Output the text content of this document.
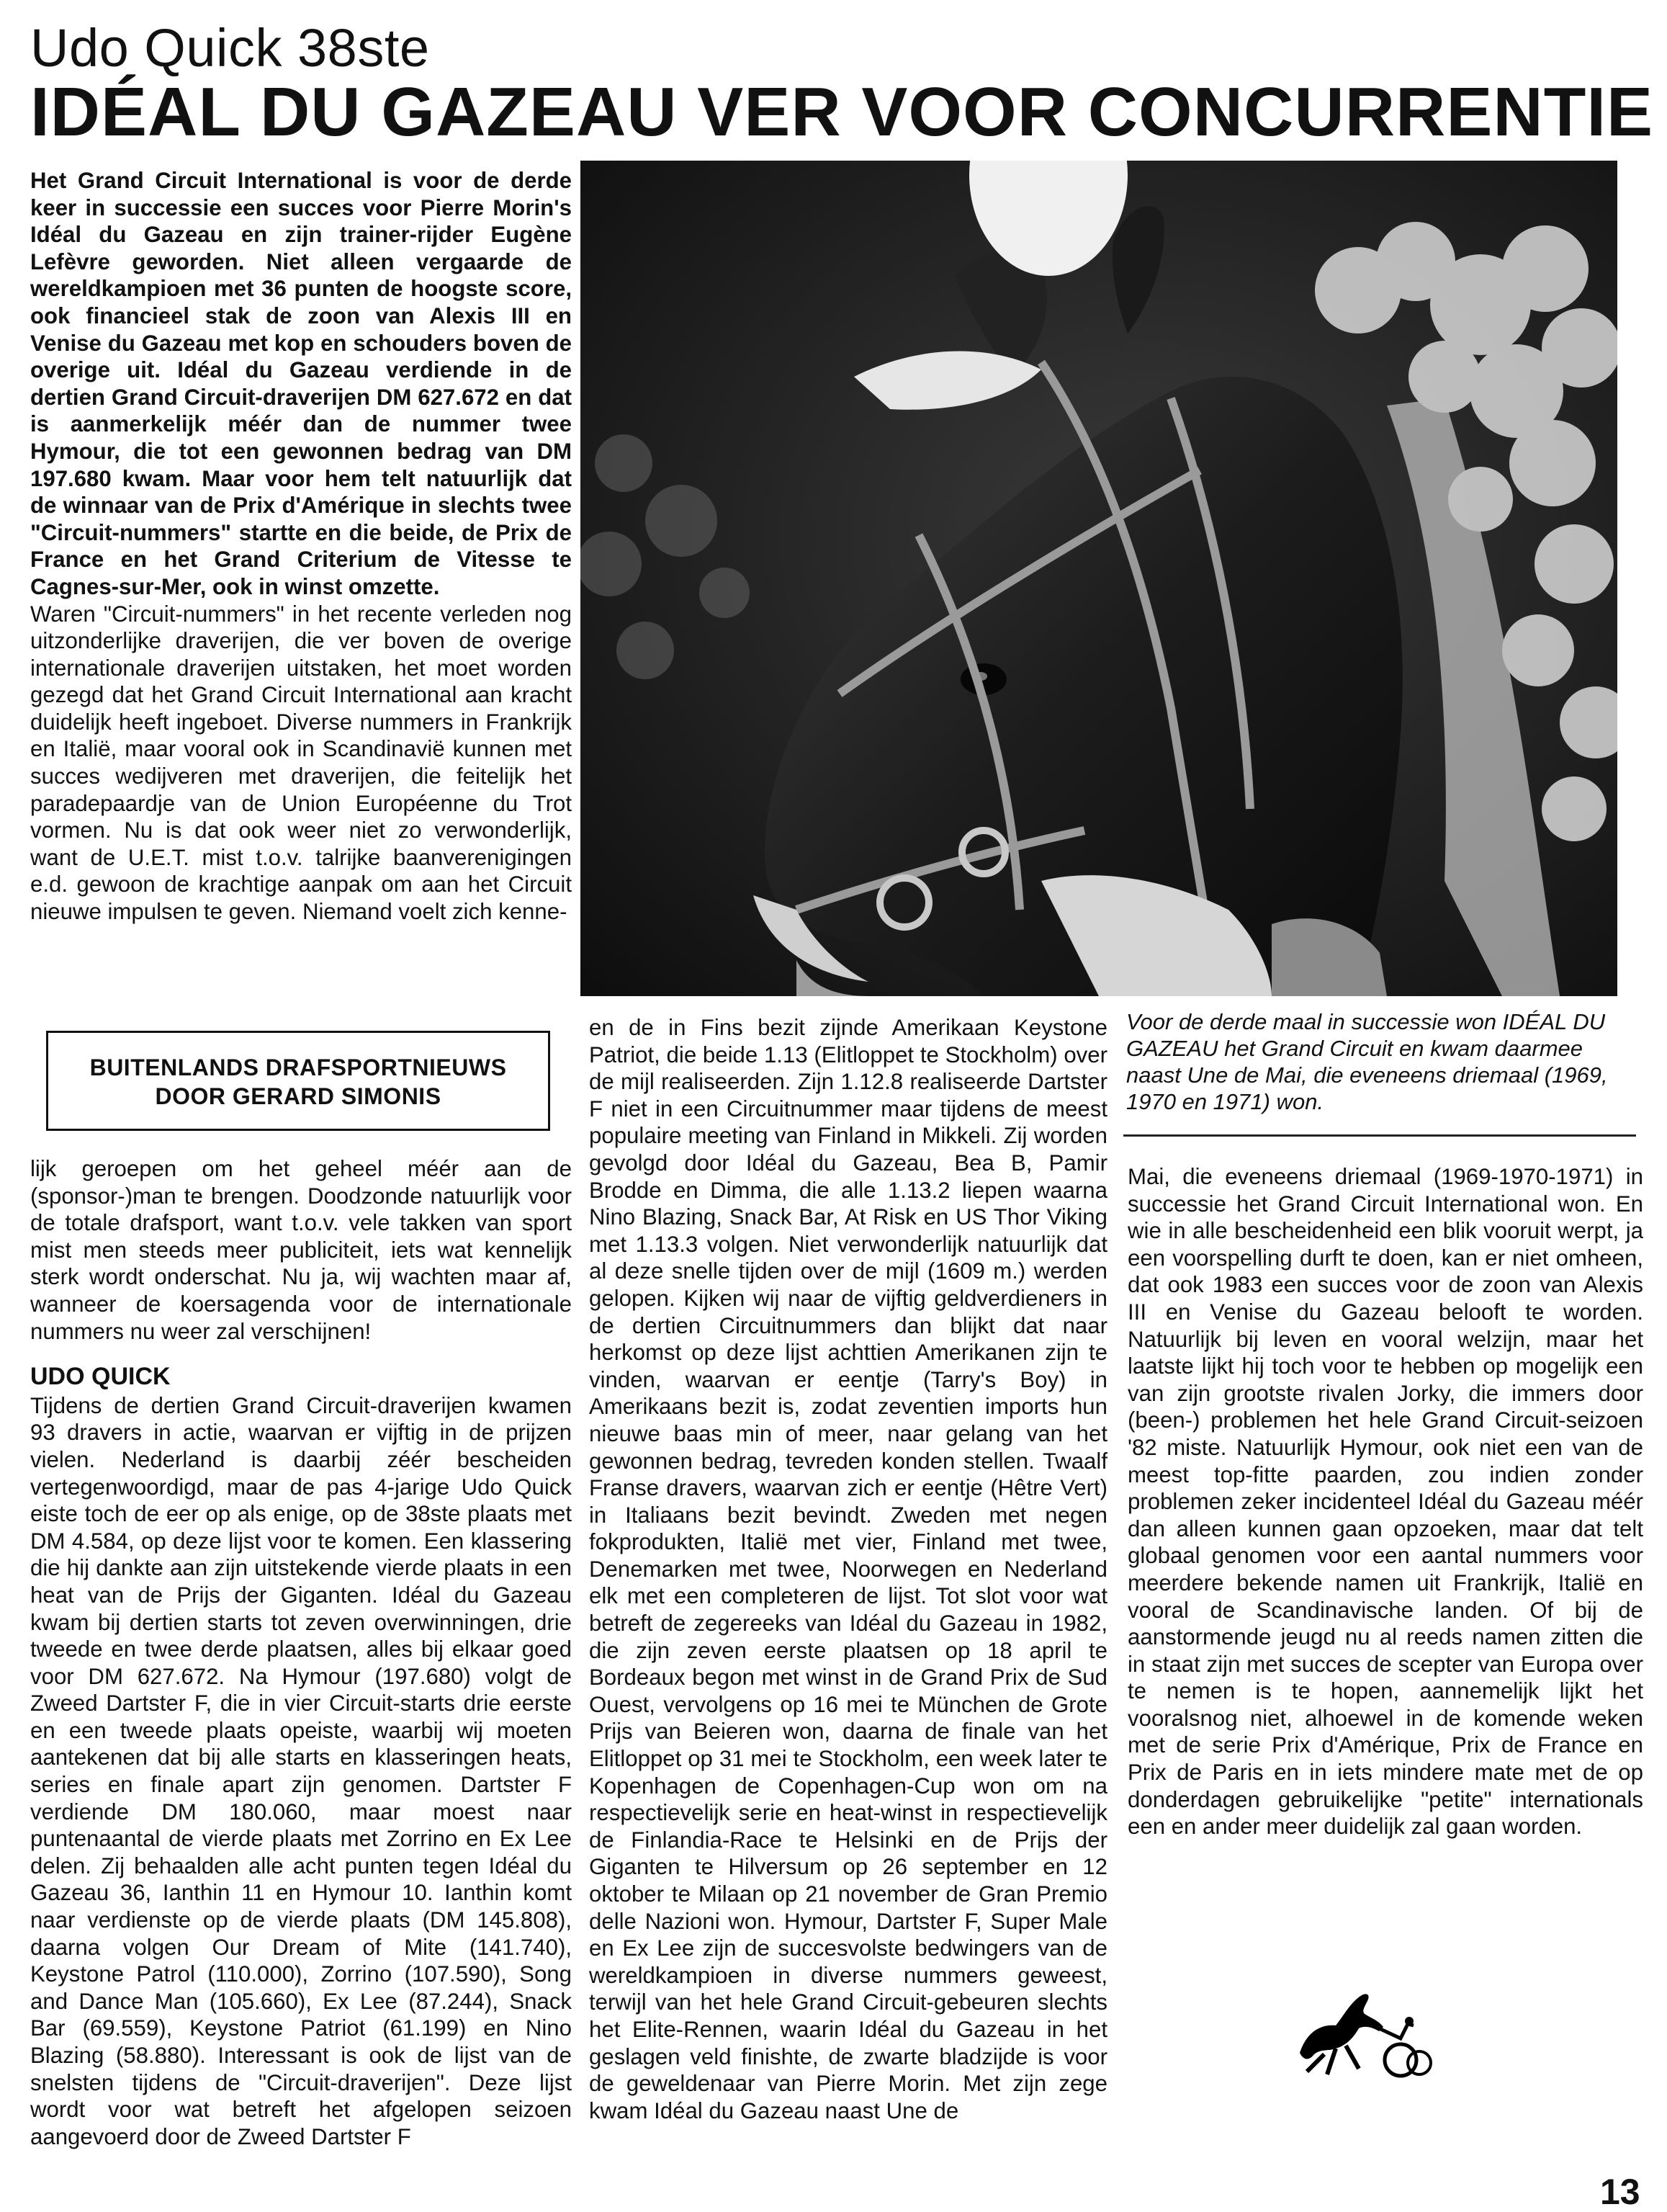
Udo Quick 38ste
IDÉAL DU GAZEAU VER VOOR CONCURRENTIE

Het Grand Circuit International is voor de derde keer in successie een succes voor Pierre Morin's Idéal du Gazeau en zijn trainer-rijder Eugène Lefèvre geworden. Niet alleen vergaarde de wereldkampioen met 36 punten de hoogste score, ook financieel stak de zoon van Alexis III en Venise du Gazeau met kop en schouders boven de overige uit. Idéal du Gazeau verdiende in de dertien Grand Circuit-draverijen DM 627.672 en dat is aanmerkelijk méér dan de nummer twee Hymour, die tot een gewonnen bedrag van DM 197.680 kwam. Maar voor hem telt natuurlijk dat de winnaar van de Prix d'Amérique in slechts twee "Circuit-nummers" startte en die beide, de Prix de France en het Grand Criterium de Vitesse te Cagnes-sur-Mer, ook in winst omzette.

Waren "Circuit-nummers" in het recente verleden nog uitzonderlijke draverijen, die ver boven de overige internationale draverijen uitstaken, het moet worden gezegd dat het Grand Circuit International aan kracht duidelijk heeft ingeboet. Diverse nummers in Frankrijk en Italië, maar vooral ook in Scandinavië kunnen met succes wedijveren met draverijen, die feitelijk het paradepaardje van de Union Européenne du Trot vormen. Nu is dat ook weer niet zo verwonderlijk, want de U.E.T. mist t.o.v. talrijke baanverenigingen e.d. gewoon de krachtige aanpak om aan het Circuit nieuwe impulsen te geven. Niemand voelt zich kenne-

Voor de derde maal in successie won IDÉAL DU GAZEAU het Grand Circuit en kwam daarmee naast Une de Mai, die eveneens driemaal (1969, 1970 en 1971) won.
BUITENLANDS DRAFSPORTNIEUWS
DOOR GERARD SIMONIS

lijk geroepen om het geheel méér aan de (sponsor-)man te brengen. Doodzonde natuurlijk voor de totale drafsport, want t.o.v. vele takken van sport mist men steeds meer publiciteit, iets wat kennelijk sterk wordt onderschat. Nu ja, wij wachten maar af, wanneer de koersagenda voor de internationale nummers nu weer zal verschijnen!

UDO QUICK

Tijdens de dertien Grand Circuit-draverijen kwamen 93 dravers in actie, waarvan er vijftig in de prijzen vielen. Nederland is daarbij zéér bescheiden vertegenwoordigd, maar de pas 4-jarige Udo Quick eiste toch de eer op als enige, op de 38ste plaats met DM 4.584, op deze lijst voor te komen. Een klassering die hij dankte aan zijn uitstekende vierde plaats in een heat van de Prijs der Giganten. Idéal du Gazeau kwam bij dertien starts tot zeven overwinningen, drie tweede en twee derde plaatsen, alles bij elkaar goed voor DM 627.672. Na Hymour (197.680) volgt de Zweed Dartster F, die in vier Circuit-starts drie eerste en een tweede plaats opeiste, waarbij wij moeten aantekenen dat bij alle starts en klasseringen heats, series en finale apart zijn genomen. Dartster F verdiende DM 180.060, maar moest naar puntenaantal de vierde plaats met Zorrino en Ex Lee delen. Zij behaalden alle acht punten tegen Idéal du Gazeau 36, Ianthin 11 en Hymour 10. Ianthin komt naar verdienste op de vierde plaats (DM 145.808), daarna volgen Our Dream of Mite (141.740), Keystone Patrol (110.000), Zorrino (107.590), Song and Dance Man (105.660), Ex Lee (87.244), Snack Bar (69.559), Keystone Patriot (61.199) en Nino Blazing (58.880). Interessant is ook de lijst van de snelsten tijdens de "Circuit-draverijen". Deze lijst wordt voor wat betreft het afgelopen seizoen aangevoerd door de Zweed Dartster F

en de in Fins bezit zijnde Amerikaan Keystone Patriot, die beide 1.13 (Elitloppet te Stockholm) over de mijl realiseerden. Zijn 1.12.8 realiseerde Dartster F niet in een Circuitnummer maar tijdens de meest populaire meeting van Finland in Mikkeli. Zij worden gevolgd door Idéal du Gazeau, Bea B, Pamir Brodde en Dimma, die alle 1.13.2 liepen waarna Nino Blazing, Snack Bar, At Risk en US Thor Viking met 1.13.3 volgen. Niet verwonderlijk natuurlijk dat al deze snelle tijden over de mijl (1609 m.) werden gelopen. Kijken wij naar de vijftig geldverdieners in de dertien Circuitnummers dan blijkt dat naar herkomst op deze lijst achttien Amerikanen zijn te vinden, waarvan er eentje (Tarry's Boy) in Amerikaans bezit is, zodat zeventien imports hun nieuwe baas min of meer, naar gelang van het gewonnen bedrag, tevreden konden stellen. Twaalf Franse dravers, waarvan zich er eentje (Hêtre Vert) in Italiaans bezit bevindt. Zweden met negen fokprodukten, Italië met vier, Finland met twee, Denemarken met twee, Noorwegen en Nederland elk met een completeren de lijst. Tot slot voor wat betreft de zegereeks van Idéal du Gazeau in 1982, die zijn zeven eerste plaatsen op 18 april te Bordeaux begon met winst in de Grand Prix de Sud Ouest, vervolgens op 16 mei te München de Grote Prijs van Beieren won, daarna de finale van het Elitloppet op 31 mei te Stockholm, een week later te Kopenhagen de Copenhagen-Cup won om na respectievelijk serie en heat-winst in respectievelijk de Finlandia-Race te Helsinki en de Prijs der Giganten te Hilversum op 26 september en 12 oktober te Milaan op 21 november de Gran Premio delle Nazioni won. Hymour, Dartster F, Super Male en Ex Lee zijn de succesvolste bedwingers van de wereldkampioen in diverse nummers geweest, terwijl van het hele Grand Circuit-gebeuren slechts het Elite-Rennen, waarin Idéal du Gazeau in het geslagen veld finishte, de zwarte bladzijde is voor de geweldenaar van Pierre Morin. Met zijn zege kwam Idéal du Gazeau naast Une de

Mai, die eveneens driemaal (1969-1970-1971) in successie het Grand Circuit International won. En wie in alle bescheidenheid een blik vooruit werpt, ja een voorspelling durft te doen, kan er niet omheen, dat ook 1983 een succes voor de zoon van Alexis III en Venise du Gazeau belooft te worden. Natuurlijk bij leven en vooral welzijn, maar het laatste lijkt hij toch voor te hebben op mogelijk een van zijn grootste rivalen Jorky, die immers door (been-) problemen het hele Grand Circuit-seizoen '82 miste. Natuurlijk Hymour, ook niet een van de meest top-fitte paarden, zou indien zonder problemen zeker incidenteel Idéal du Gazeau méér dan alleen kunnen gaan opzoeken, maar dat telt globaal genomen voor een aantal nummers voor meerdere bekende namen uit Frankrijk, Italië en vooral de Scandinavische landen. Of bij de aanstormende jeugd nu al reeds namen zitten die in staat zijn met succes de scepter van Europa over te nemen is te hopen, aannemelijk lijkt het vooralsnog niet, alhoewel in de komende weken met de serie Prix d'Amérique, Prix de France en Prix de Paris en in iets mindere mate met de op donderdagen gebruikelijke "petite" internationals een en ander meer duidelijk zal gaan worden.

13
